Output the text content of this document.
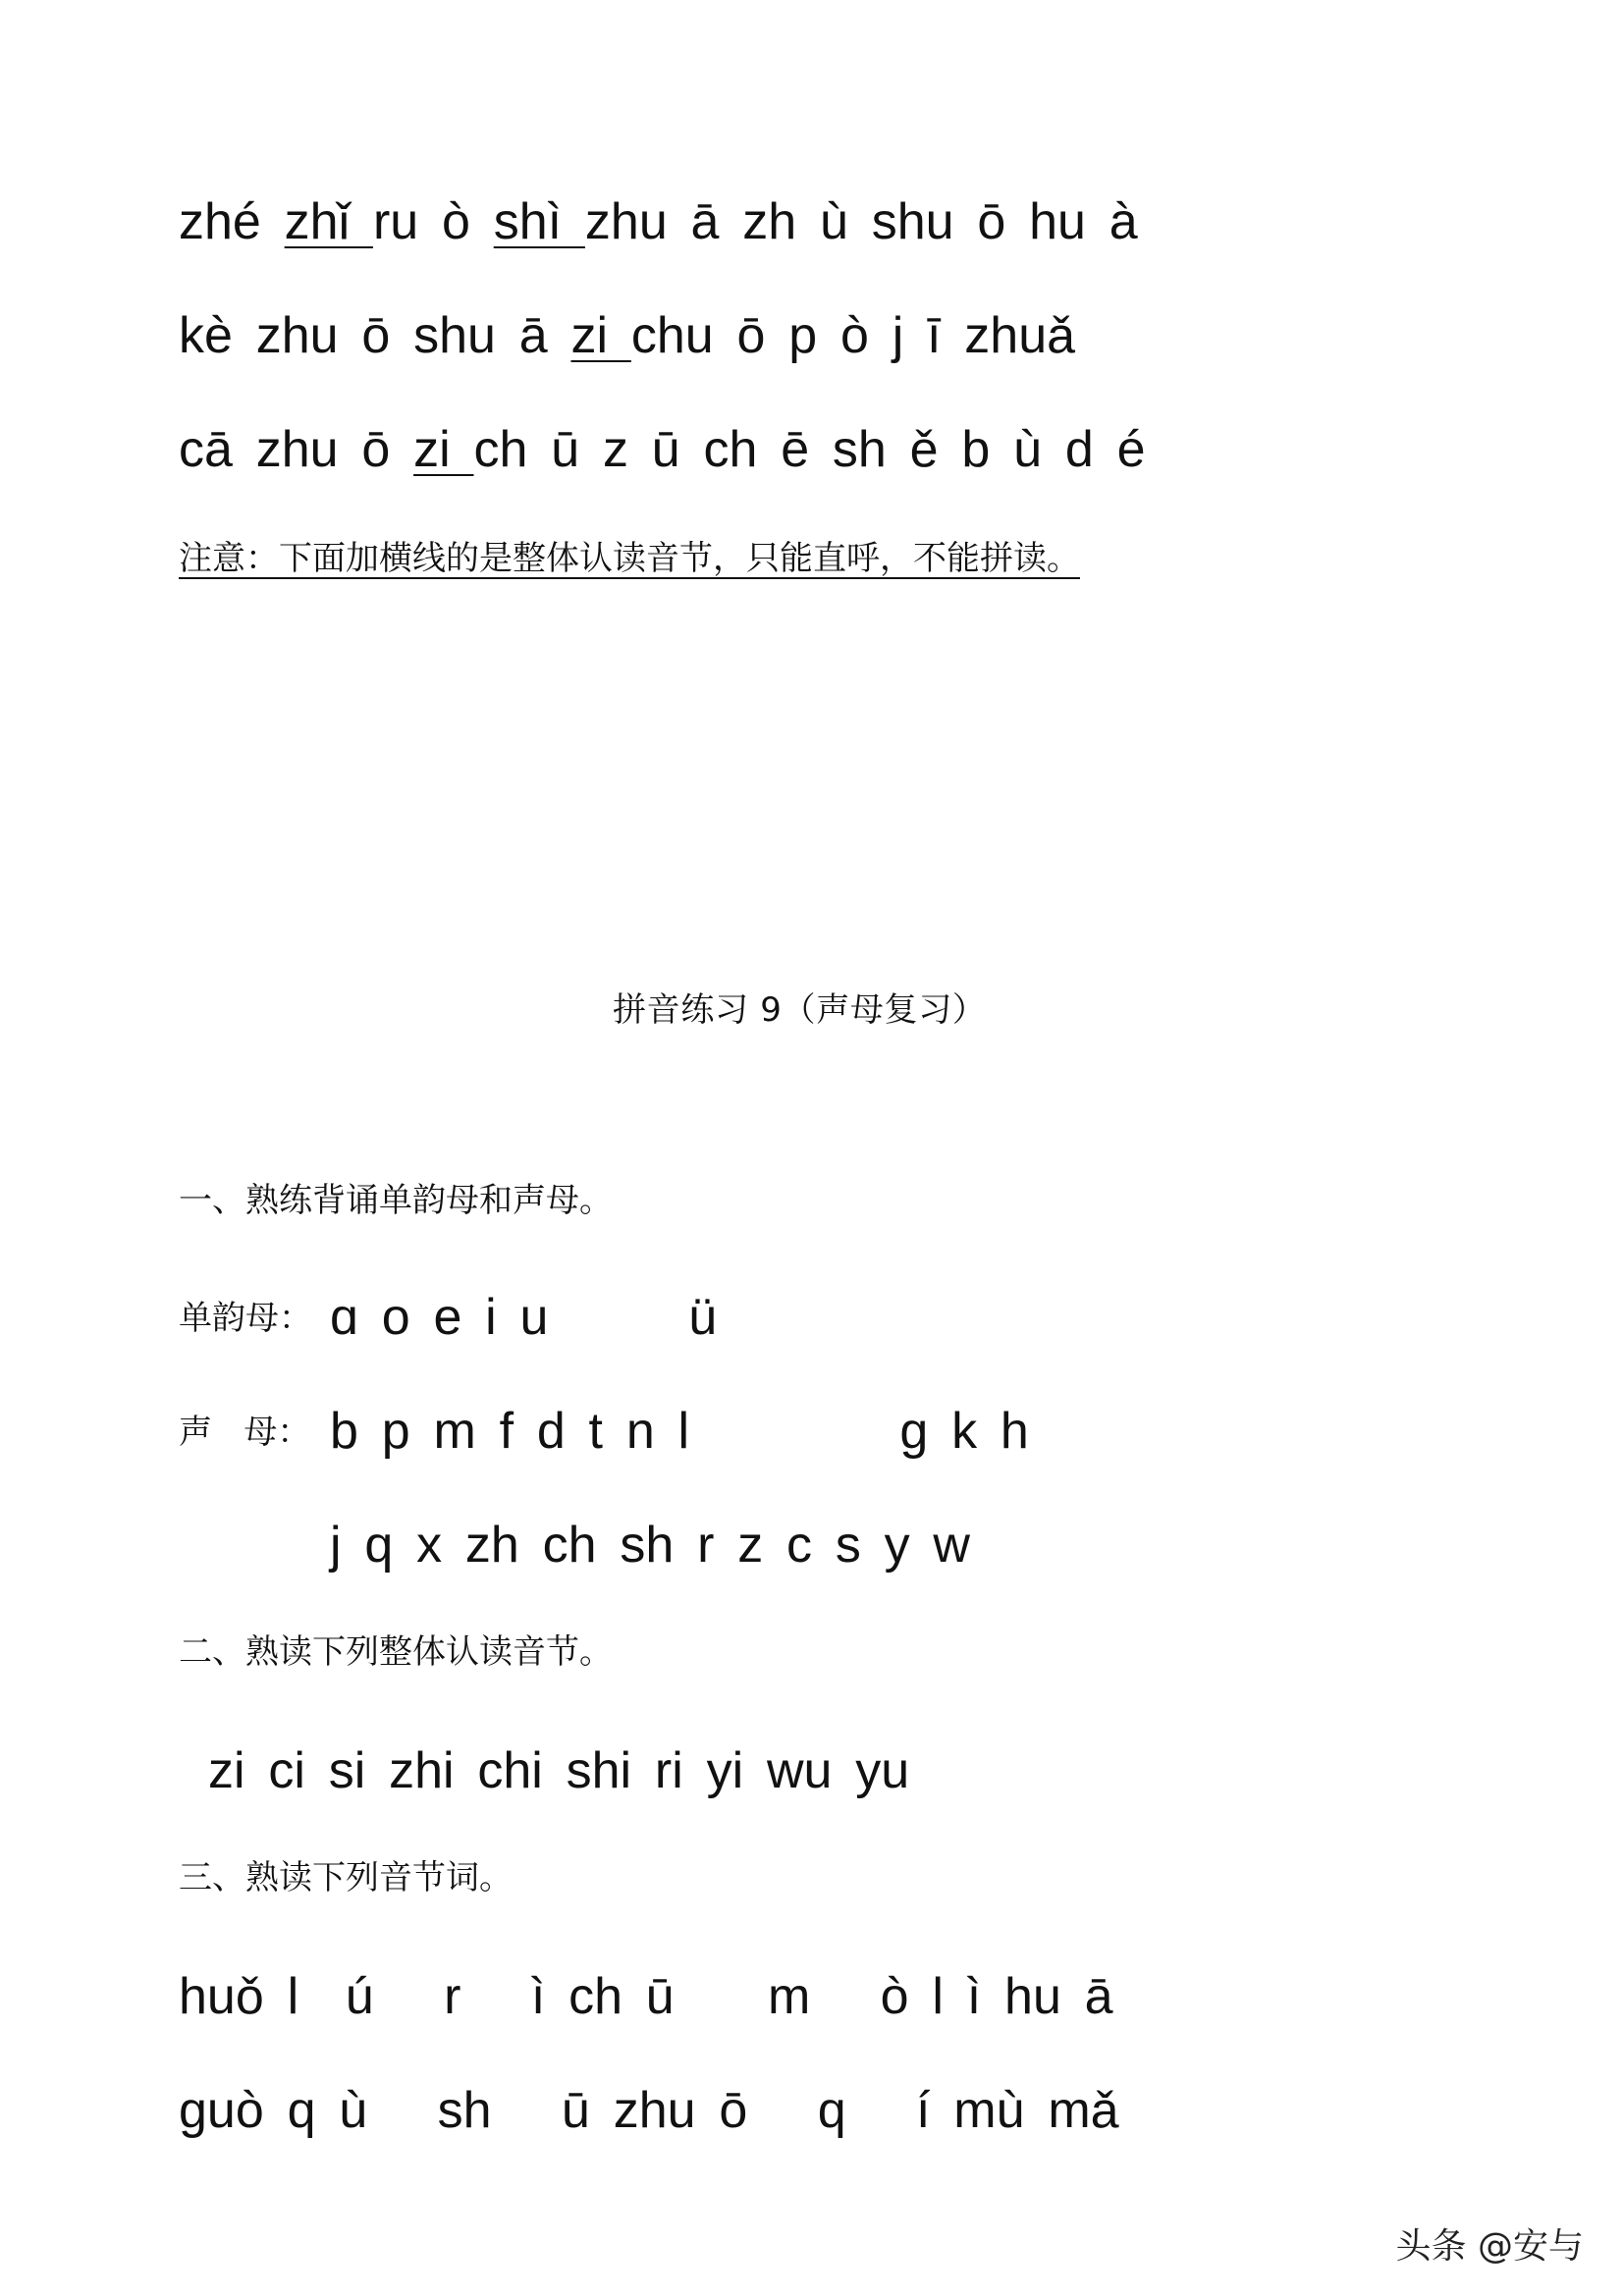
zhé zhǐ ru ò shì zhu ā zh ù shu ō hu à
kè zhu ō shu ā zi chu ō p ò j ī zhuǎ
cā zhu ō zi ch ū z ū ch ē sh ě b ù d é
注意：下面加横线的是整体认读音节，只能直呼，不能拼读。
拼音练习 9（声母复习）
一、熟练背诵单韵母和声母。
单韵母： ɑ o e i u      ü
声   母： b p m f d t n l         ɡ k h
j q x zh ch sh r z c s y w
二、熟读下列整体认读音节。
zi ci si zhi chi shi ri yi wu yu
三、熟读下列音节词。
huǒ l  ú   r   ì ch ū    m   ò l ì hu ā
ɡuò q ù   sh   ū zhu ō   q   í mù mǎ
头条 @安与
